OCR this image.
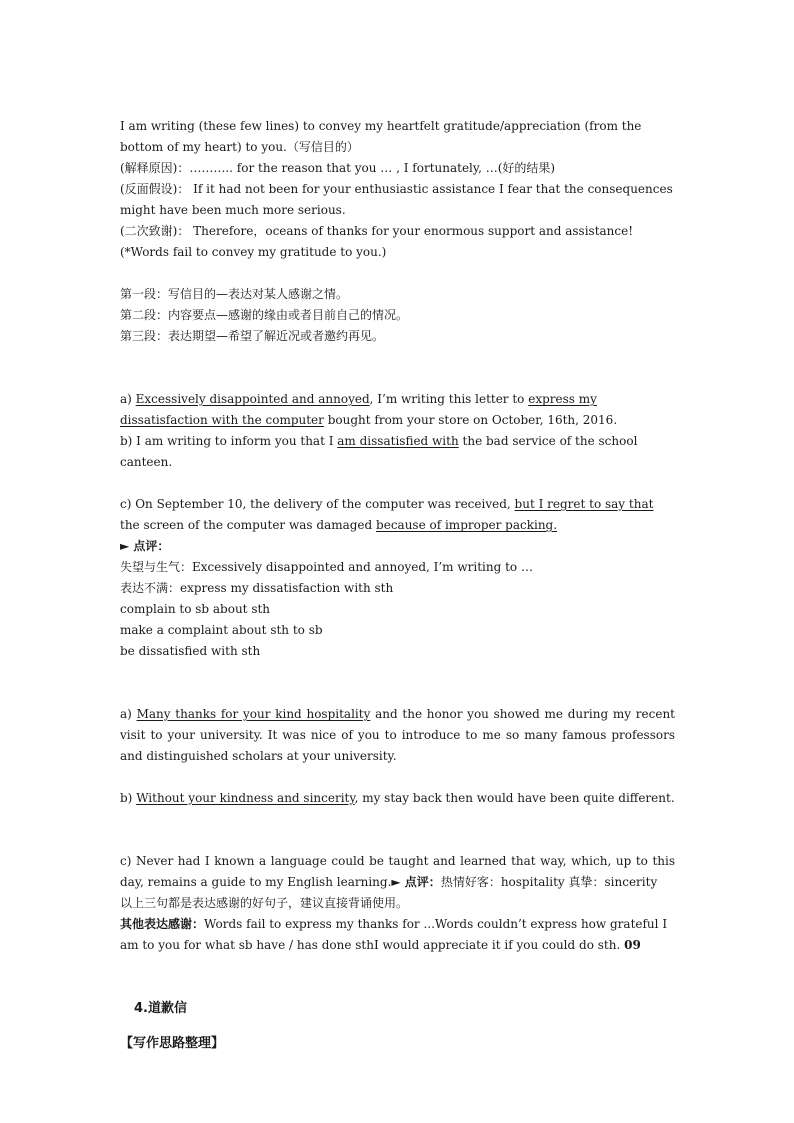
I am writing (these few lines) to convey my heartfelt gratitude/appreciation (from the bottom of my heart) to you.（写信目的）

(解释原因)：……….. for the reason that you … , I fortunately, …(好的结果)

(反面假设)： If it had not been for your enthusiastic assistance I fear that the consequences might have been much more serious.

(二次致谢)： Therefore，oceans of thanks for your enormous support and assistance! (*Words fail to convey my gratitude to you.)

第一段：写信目的—表达对某人感谢之情。

第二段：内容要点—感谢的缘由或者目前自己的情况。

第三段：表达期望—希望了解近况或者邀约再见。

a) Excessively disappointed and annoyed, I’m writing this letter to express my dissatisfaction with the computer bought from your store on October, 16th, 2016.

b) I am writing to inform you that I am dissatisfied with the bad service of the school canteen.

c) On September 10, the delivery of the computer was received, but I regret to say that the screen of the computer was damaged because of improper packing.

► 点评：

失望与生气：Excessively disappointed and annoyed, I’m writing to …

表达不满：express my dissatisfaction with sth

complain to sb about sth

make a complaint about sth to sb

be dissatisfied with sth

a) Many thanks for your kind hospitality and the honor you showed me during my recent visit to your university. It was nice of you to introduce to me so many famous professors and distinguished scholars at your university.

b) Without your kindness and sincerity, my stay back then would have been quite different.

c) Never had I known a language could be taught and learned that way, which, up to this day, remains a guide to my English learning.► 点评：热情好客：hospitality 真挚：sincerity

以上三句都是表达感谢的好句子，建议直接背诵使用。

其他表达感谢：Words fail to express my thanks for ...Words couldn’t express how grateful I am to you for what sb have / has done sthI would appreciate it if you could do sth. 09

4.道歉信

【写作思路整理】
